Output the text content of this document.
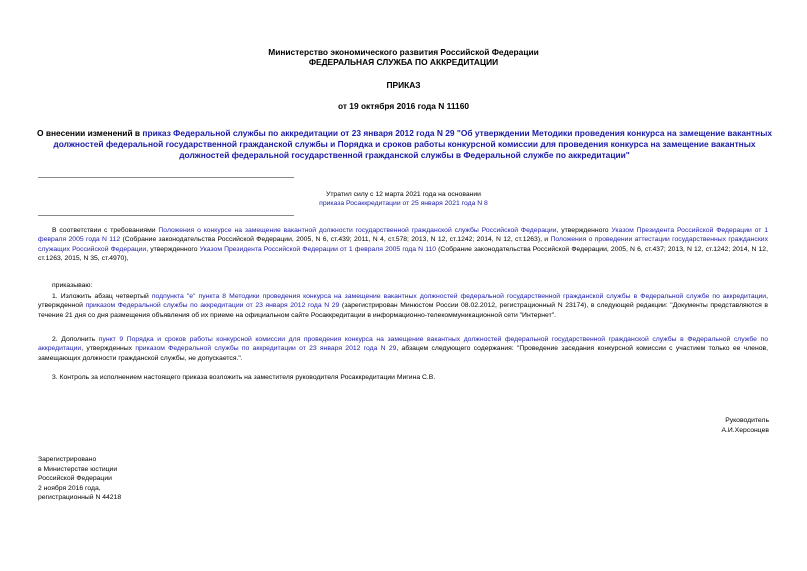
Министерство экономического развития Российской Федерации
ФЕДЕРАЛЬНАЯ СЛУЖБА ПО АККРЕДИТАЦИИ
ПРИКАЗ
от 19 октября 2016 года N 11160
О внесении изменений в приказ Федеральной службы по аккредитации от 23 января 2012 года N 29 "Об утверждении Методики проведения конкурса на замещение вакантных должностей федеральной государственной гражданской службы и Порядка и сроков работы конкурсной комиссии для проведения конкурса на замещение вакантных должностей федеральной государственной гражданской службы в Федеральной службе по аккредитации"
Утратил силу с 12 марта 2021 года на основании
приказа Росаккредитации от 25 января 2021 года N 8
В соответствии с требованиями Положения о конкурсе на замещение вакантной должности государственной гражданской службы Российской Федерации, утвержденного Указом Президента Российской Федерации от 1 февраля 2005 года N 112 (Собрание законодательства Российской Федерации, 2005, N 6, ст.439; 2011, N 4, ст.578; 2013, N 12, ст.1242; 2014, N 12, ст.1263), и Положения о проведении аттестации государственных гражданских служащих Российской Федерации, утвержденного Указом Президента Российской Федерации от 1 февраля 2005 года N 110 (Собрание законодательства Российской Федерации, 2005, N 6, ст.437; 2013, N 12, ст.1242; 2014, N 12, ст.1263, 2015, N 35, ст.4970),
приказываю:
1. Изложить абзац четвертый подпункта "е" пункта 8 Методики проведения конкурса на замещение вакантных должностей федеральной государственной гражданской службы в Федеральной службе по аккредитации, утвержденной приказом Федеральной службы по аккредитации от 23 января 2012 года N 29 (зарегистрирован Минюстом России 08.02.2012, регистрационный N 23174), в следующей редакции: "Документы представляются в течение 21 дня со дня размещения объявления об их приеме на официальном сайте Росаккредитации в информационно-телекоммуникационной сети "Интернет".
2. Дополнить пункт 9 Порядка и сроков работы конкурсной комиссии для проведения конкурса на замещение вакантных должностей федеральной государственной гражданской службы в Федеральной службе по аккредитации, утвержденных приказом Федеральной службы по аккредитации от 23 января 2012 года N 29, абзацем следующего содержания: "Проведение заседания конкурсной комиссии с участием только ее членов, замещающих должности гражданской службы, не допускается.".
3. Контроль за исполнением настоящего приказа возложить на заместителя руководителя Росаккредитации Мигина С.В.
Руководитель
А.И.Херсонцев
Зарегистрировано
в Министерстве юстиции
Российской Федерации
2 ноября 2016 года,
регистрационный N 44218
